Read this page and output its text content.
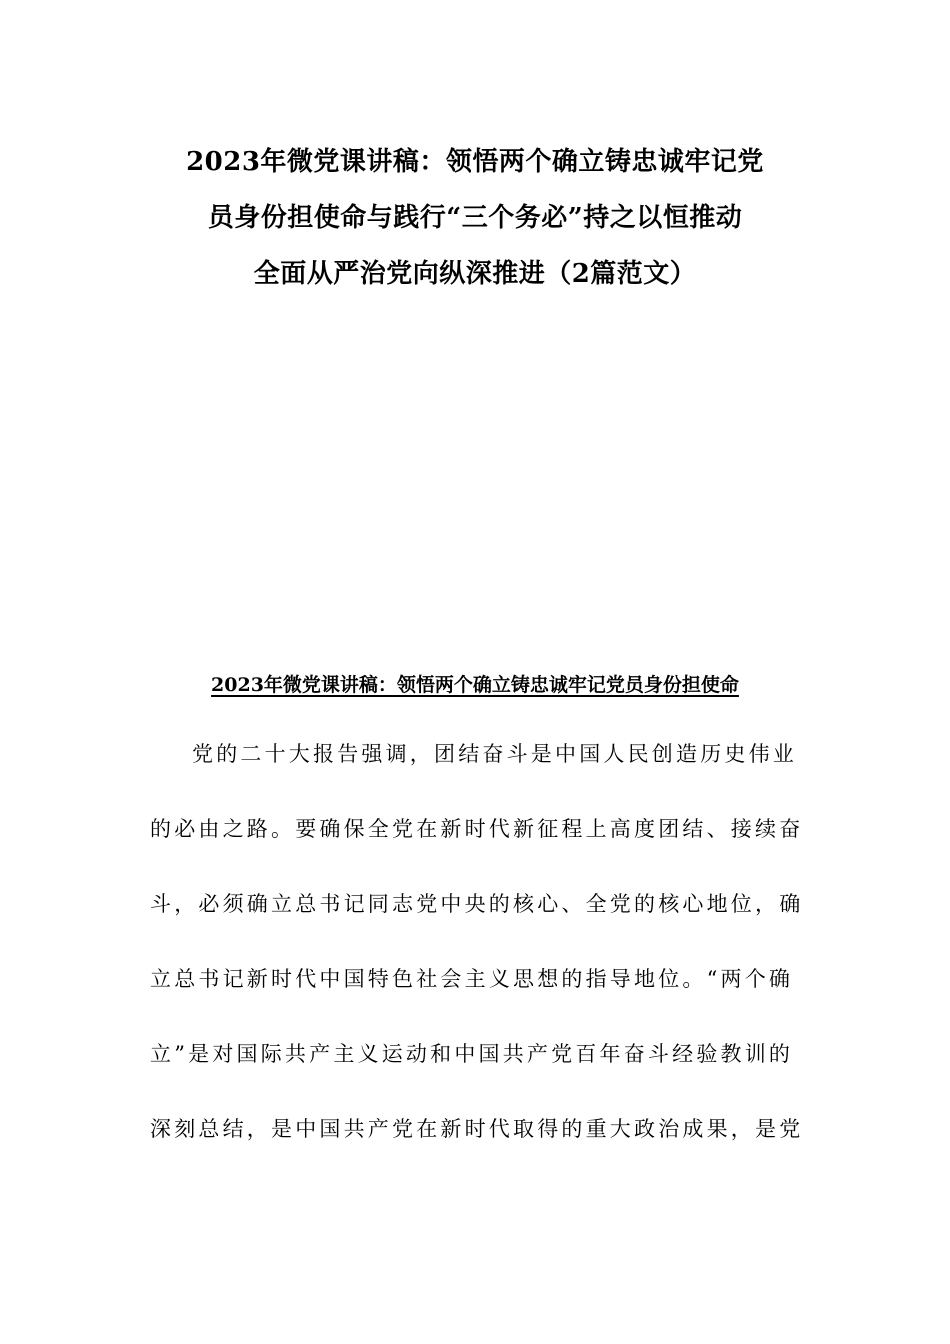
2023年微党课讲稿：领悟两个确立铸忠诚牢记党
员身份担使命与践行“三个务必”持之以恒推动
全面从严治党向纵深推进（2篇范文）
2023年微党课讲稿：领悟两个确立铸忠诚牢记党员身份担使命
党的二十大报告强调，团结奋斗是中国人民创造历史伟业
的必由之路。要确保全党在新时代新征程上高度团结、接续奋
斗，必须确立总书记同志党中央的核心、全党的核心地位，确
立总书记新时代中国特色社会主义思想的指导地位。“两个确
立”是对国际共产主义运动和中国共产党百年奋斗经验教训的
深刻总结，是中国共产党在新时代取得的重大政治成果，是党
